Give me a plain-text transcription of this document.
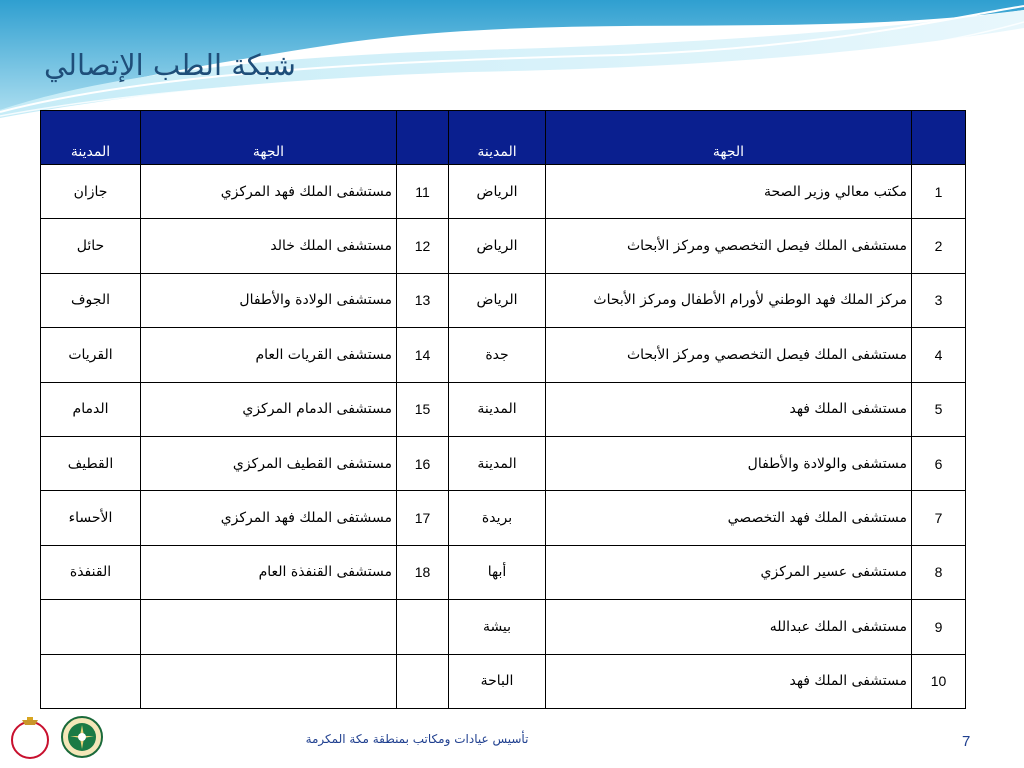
شبكة الطب الإتصالي
	الجهة	المدينة		الجهة	المدينة
1	مكتب معالي وزير الصحة	الرياض	11	مستشفى الملك فهد المركزي	جازان
2	مستشفى الملك فيصل التخصصي ومركز الأبحاث	الرياض	12	مستشفى الملك خالد	حائل
3	مركز الملك فهد الوطني لأورام الأطفال ومركز الأبحاث	الرياض	13	مستشفى الولادة والأطفال	الجوف
4	مستشفى الملك فيصل التخصصي ومركز الأبحاث	جدة	14	مستشفى القريات العام	القريات
5	مستشفى الملك فهد	المدينة	15	مستشفى الدمام المركزي	الدمام
6	مستشفى والولادة والأطفال	المدينة	16	مستشفى القطيف المركزي	القطيف
7	مستشفى الملك فهد التخصصي	بريدة	17	مسشتفى الملك فهد المركزي	الأحساء
8	مستشفى عسير المركزي	أبها	18	مستشفى القنفذة العام	القنفذة
9	مستشفى الملك عبدالله	بيشة			
10	مستشفى الملك فهد	الباحة			
تأسيس عيادات ومكاتب بمنطقة مكة المكرمة	7
